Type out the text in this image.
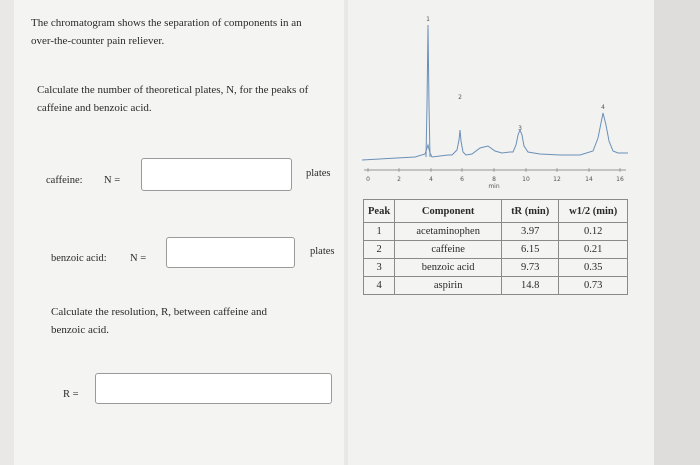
The chromatogram shows the separation of components in an
over-the-counter pain reliever.
Calculate the number of theoretical plates, N, for the peaks of
caffeine and benzoic acid.
caffeine: N =
plates
benzoic acid: N =
plates
Calculate the resolution, R, between caffeine and
benzoic acid.
R =
0	2	4	6	8	10	12	14	16
min
1
2
3
4
Peak	Component	tR (min)	w1/2 (min)
1	acetaminophen	3.97	0.12
2	caffeine	6.15	0.21
3	benzoic acid	9.73	0.35
4	aspirin	14.8	0.73
